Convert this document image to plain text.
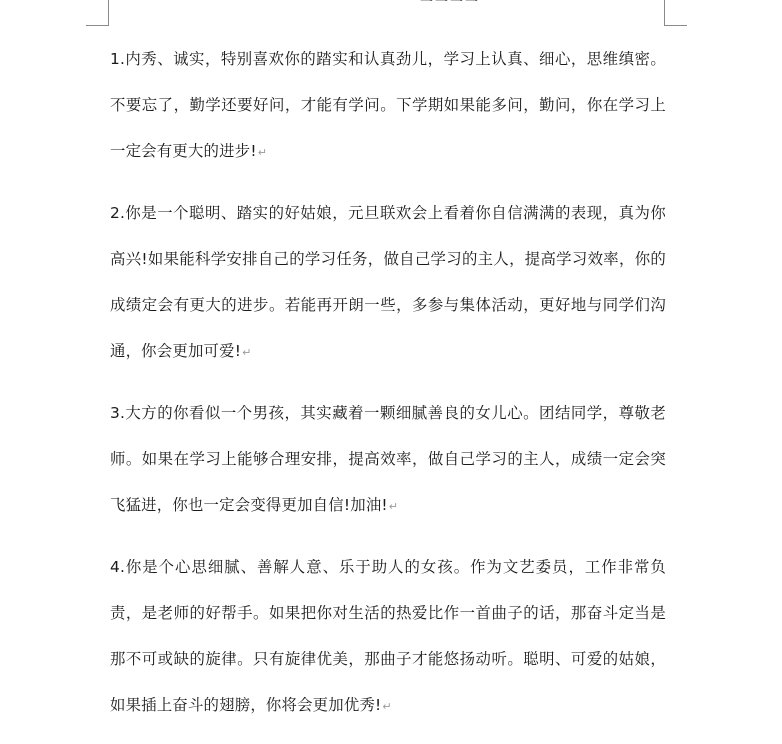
一一一一

1.内秀、诚实，特别喜欢你的踏实和认真劲儿，学习上认真、细心，思维缜密。不要忘了，勤学还要好问，才能有学问。下学期如果能多问，勤问，你在学习上一定会有更大的进步!↵

2.你是一个聪明、踏实的好姑娘，元旦联欢会上看着你自信满满的表现，真为你高兴!如果能科学安排自己的学习任务，做自己学习的主人，提高学习效率，你的成绩定会有更大的进步。若能再开朗一些，多参与集体活动，更好地与同学们沟通，你会更加可爱!↵

3.大方的你看似一个男孩，其实藏着一颗细腻善良的女儿心。团结同学，尊敬老师。如果在学习上能够合理安排，提高效率，做自己学习的主人，成绩一定会突飞猛进，你也一定会变得更加自信!加油!↵

4.你是个心思细腻、善解人意、乐于助人的女孩。作为文艺委员，工作非常负责，是老师的好帮手。如果把你对生活的热爱比作一首曲子的话，那奋斗定当是那不可或缺的旋律。只有旋律优美，那曲子才能悠扬动听。聪明、可爱的姑娘，如果插上奋斗的翅膀，你将会更加优秀!↵
